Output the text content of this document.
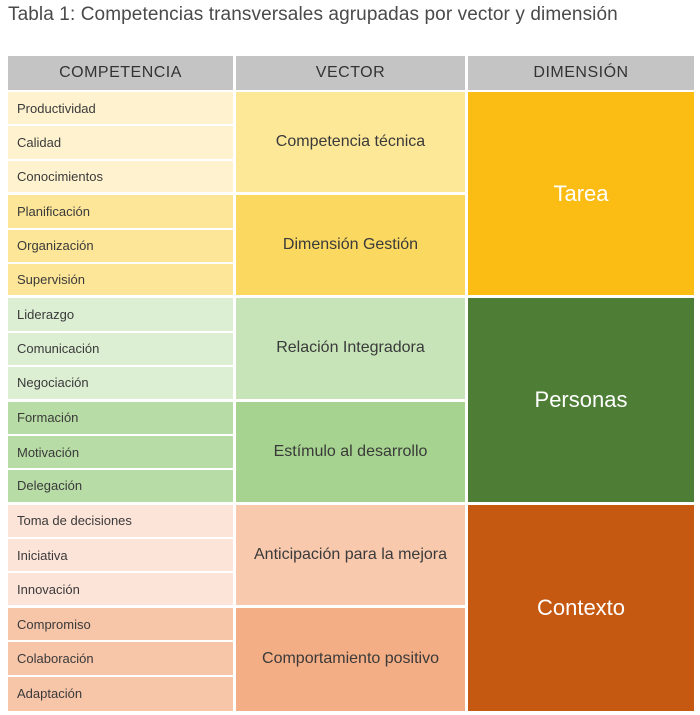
Tabla 1: Competencias transversales agrupadas por vector y dimensión
COMPETENCIA	VECTOR	DIMENSIÓN
Productividad
Calidad
Conocimientos
Planificación
Organización
Supervisión
Liderazgo
Comunicación
Negociación
Formación
Motivación
Delegación
Toma de decisiones
Iniciativa
Innovación
Compromiso
Colaboración
Adaptación
Competencia técnica
Dimensión Gestión
Relación Integradora
Estímulo al desarrollo
Anticipación para la mejora
Comportamiento positivo
Tarea
Personas
Contexto
